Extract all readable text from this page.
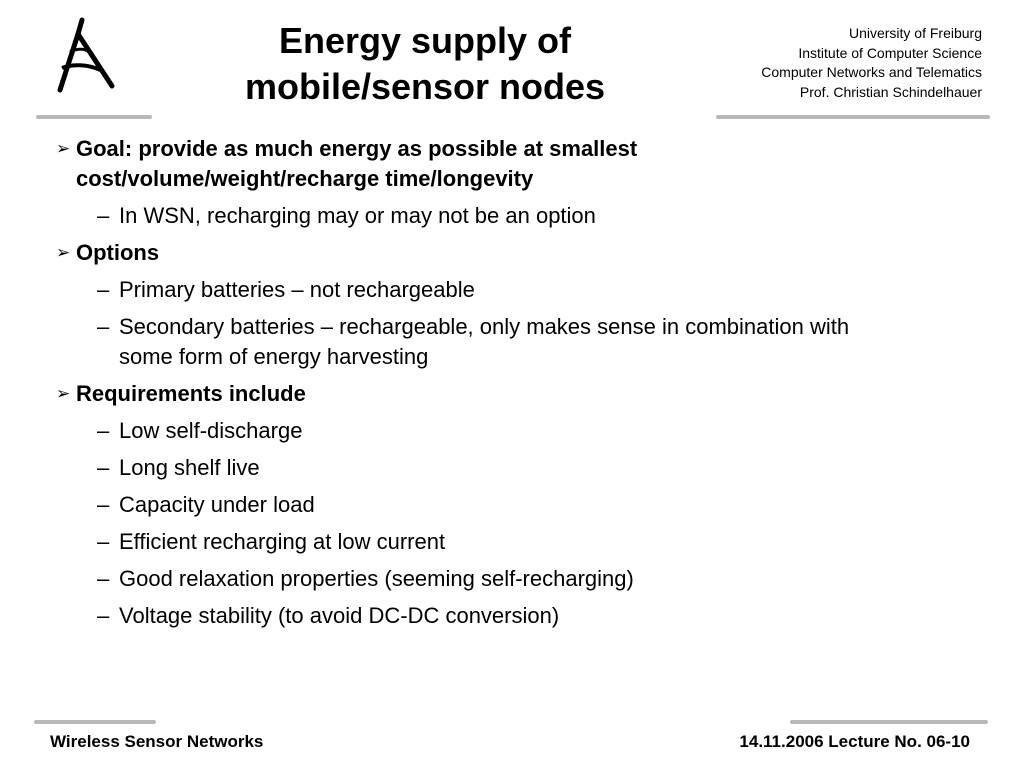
Energy supply of
mobile/sensor nodes
University of Freiburg
Institute of Computer Science
Computer Networks and Telematics
Prof. Christian Schindelhauer
➢ Goal: provide as much energy as possible at smallest
cost/volume/weight/recharge time/longevity
– In WSN, recharging may or may not be an option
➢ Options
– Primary batteries – not rechargeable
– Secondary batteries – rechargeable, only makes sense in combination with
some form of energy harvesting
➢ Requirements include
– Low self-discharge
– Long shelf live
– Capacity under load
– Efficient recharging at low current
– Good relaxation properties (seeming self-recharging)
– Voltage stability (to avoid DC-DC conversion)
Wireless Sensor Networks	14.11.2006 Lecture No. 06-10
